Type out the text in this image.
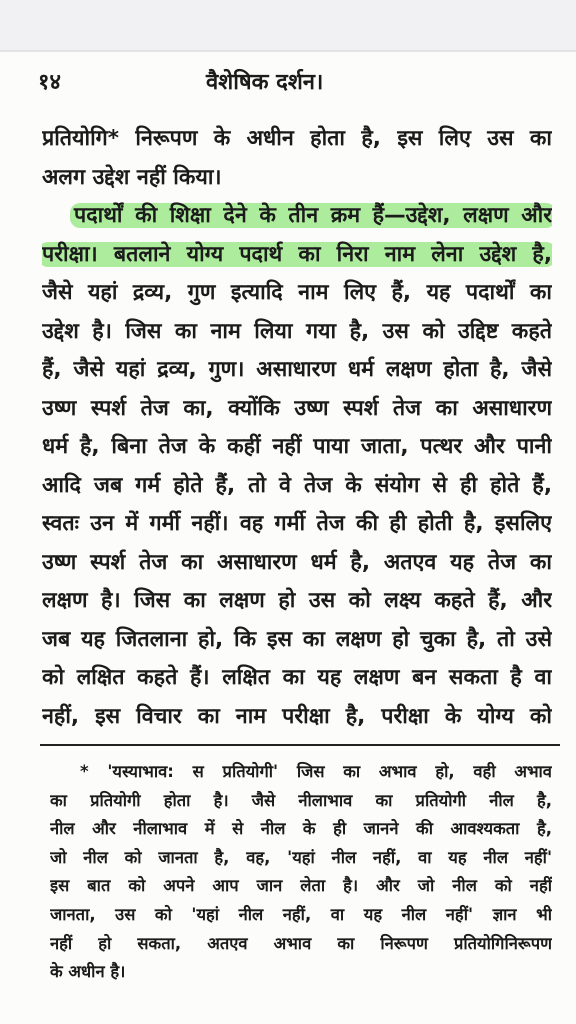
१४	वैशेषिक दर्शन।
प्रतियोगि* निरूपण के अधीन होता है, इस लिए उस का
अलग उद्देश नहीं किया।
पदार्थों की शिक्षा देने के तीन क्रम हैं—उद्देश, लक्षण और
परीक्षा। बतलाने योग्य पदार्थ का निरा नाम लेना उद्देश है,
जैसे यहां द्रव्य, गुण इत्यादि नाम लिए हैं, यह पदार्थों का
उद्देश है। जिस का नाम लिया गया है, उस को उद्दिष्ट कहते
हैं, जैसे यहां द्रव्य, गुण। असाधारण धर्म लक्षण होता है, जैसे
उष्ण स्पर्श तेज का, क्योंकि उष्ण स्पर्श तेज का असाधारण
धर्म है, बिना तेज के कहीं नहीं पाया जाता, पत्थर और पानी
आदि जब गर्म होते हैं, तो वे तेज के संयोग से ही होते हैं,
स्वतः उन में गर्मी नहीं। वह गर्मी तेज की ही होती है, इसलिए
उष्ण स्पर्श तेज का असाधारण धर्म है, अतएव यह तेज का
लक्षण है। जिस का लक्षण हो उस को लक्ष्य कहते हैं, और
जब यह जितलाना हो, कि इस का लक्षण हो चुका है, तो उसे
को लक्षित कहते हैं। लक्षित का यह लक्षण बन सकता है वा
नहीं, इस विचार का नाम परीक्षा है, परीक्षा के योग्य को
* 'यस्याभाव: स प्रतियोगी' जिस का अभाव हो, वही अभाव
का प्रतियोगी होता है। जैसे नीलाभाव का प्रतियोगी नील है,
नील और नीलाभाव में से नील के ही जानने की आवश्यकता है,
जो नील को जानता है, वह, 'यहां नील नहीं, वा यह नील नहीं'
इस बात को अपने आप जान लेता है। और जो नील को नहीं
जानता, उस को 'यहां नील नहीं, वा यह नील नहीं' ज्ञान भी
नहीं हो सकता, अतएव अभाव का निरूपण प्रतियोगिनिरूपण
के अधीन है।
